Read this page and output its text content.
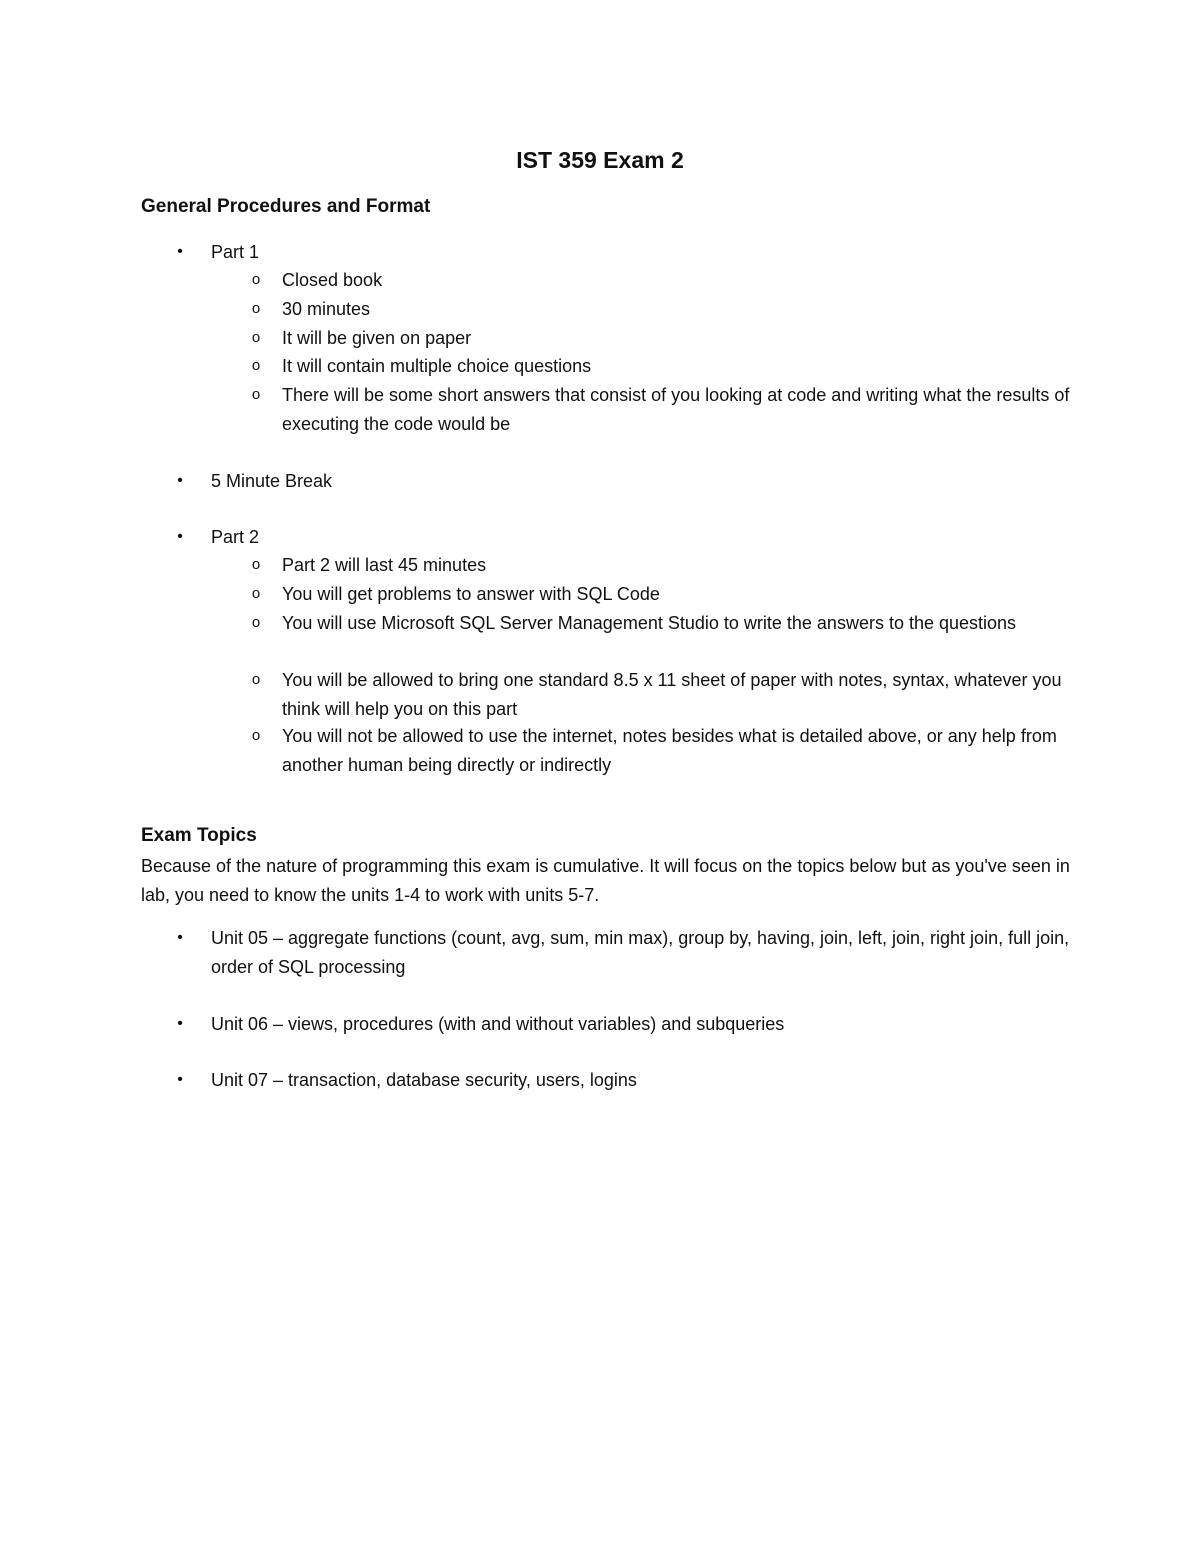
IST 359 Exam 2
General Procedures and Format
• Part 1
o Closed book
o 30 minutes
o It will be given on paper
o It will contain multiple choice questions
o There will be some short answers that consist of you looking at code and writing what the results of executing the code would be
• 5 Minute Break
• Part 2
o Part 2 will last 45 minutes
o You will get problems to answer with SQL Code
o You will use Microsoft SQL Server Management Studio to write the answers to the questions
o You will be allowed to bring one standard 8.5 x 11 sheet of paper with notes, syntax, whatever you think will help you on this part
o You will not be allowed to use the internet, notes besides what is detailed above, or any help from another human being directly or indirectly
Exam Topics
Because of the nature of programming this exam is cumulative. It will focus on the topics below but as you've seen in lab, you need to know the units 1-4 to work with units 5-7.
• Unit 05 – aggregate functions (count, avg, sum, min max), group by, having, join, left, join, right join, full join, order of SQL processing
• Unit 06 – views, procedures (with and without variables) and subqueries
• Unit 07 – transaction, database security, users, logins
